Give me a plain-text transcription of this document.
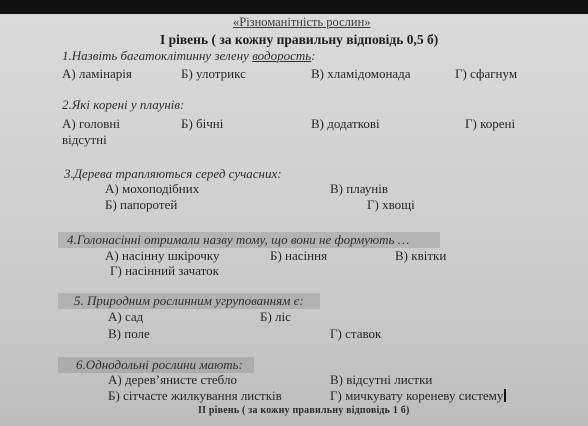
«Різноманітність рослин»
І рівень ( за кожну правильну відповідь 0,5 б)
1.Назвіть багатоклітинну зелену водорость:
А) ламінарія	Б) улотрикс	В) хламідомонада	Г) сфагнум
2.Які корені у плаунів:
А) головні	Б) бічні	В) додаткові	Г) корені
відсутні
3.Дерева трапляються серед сучасних:
А) мохоподібних	В) плаунів
Б) папоротей	Г) хвощі
4.Голонасінні отримали назву тому, що вони не формують …
А) насінну шкірочку	Б) насіння	В) квітки
Г) насінний зачаток
5. Природним рослинним угрупованням є:
А) сад	Б) ліс
В) поле	Г) ставок
6.Однодольні рослини мають:
А) дерев’янисте стебло	В) відсутні листки
Б) сітчасте жилкування листків	Г) мичкувату кореневу систему
ІІ рівень ( за кожну правильну відповідь 1 б)
